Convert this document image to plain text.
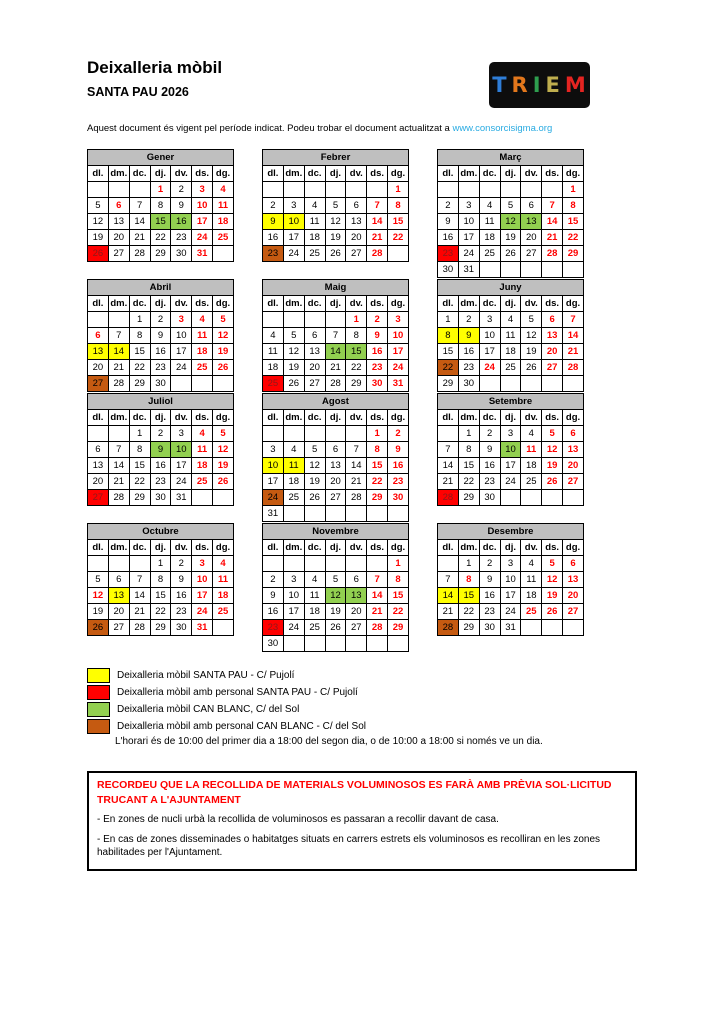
T R I E M
Deixalleria mòbil
SANTA PAU 2026
Aquest document és vigent pel període indicat. Podeu trobar el document actualitzat a www.consorcisigma.org
Gener						
dl.	dm.	dc.	dj.	dv.	ds.	dg.
			1	2	3	4
5	6	7	8	9	10	11
12	13	14	15	16	17	18
19	20	21	22	23	24	25
26	27	28	29	30	31	
Febrer						
dl.	dm.	dc.	dj.	dv.	ds.	dg.
						1
2	3	4	5	6	7	8
9	10	11	12	13	14	15
16	17	18	19	20	21	22
23	24	25	26	27	28	
Març						
dl.	dm.	dc.	dj.	dv.	ds.	dg.
						1
2	3	4	5	6	7	8
9	10	11	12	13	14	15
16	17	18	19	20	21	22
23	24	25	26	27	28	29
30	31					
Abril						
dl.	dm.	dc.	dj.	dv.	ds.	dg.
		1	2	3	4	5
6	7	8	9	10	11	12
13	14	15	16	17	18	19
20	21	22	23	24	25	26
27	28	29	30			
Maig						
dl.	dm.	dc.	dj.	dv.	ds.	dg.
				1	2	3
4	5	6	7	8	9	10
11	12	13	14	15	16	17
18	19	20	21	22	23	24
25	26	27	28	29	30	31
Juny						
dl.	dm.	dc.	dj.	dv.	ds.	dg.
1	2	3	4	5	6	7
8	9	10	11	12	13	14
15	16	17	18	19	20	21
22	23	24	25	26	27	28
29	30					
Juliol						
dl.	dm.	dc.	dj.	dv.	ds.	dg.
		1	2	3	4	5
6	7	8	9	10	11	12
13	14	15	16	17	18	19
20	21	22	23	24	25	26
27	28	29	30	31		
Agost						
dl.	dm.	dc.	dj.	dv.	ds.	dg.
					1	2
3	4	5	6	7	8	9
10	11	12	13	14	15	16
17	18	19	20	21	22	23
24	25	26	27	28	29	30
31						
Setembre						
dl.	dm.	dc.	dj.	dv.	ds.	dg.
	1	2	3	4	5	6
7	8	9	10	11	12	13
14	15	16	17	18	19	20
21	22	23	24	25	26	27
28	29	30				
Octubre						
dl.	dm.	dc.	dj.	dv.	ds.	dg.
			1	2	3	4
5	6	7	8	9	10	11
12	13	14	15	16	17	18
19	20	21	22	23	24	25
26	27	28	29	30	31	
Novembre						
dl.	dm.	dc.	dj.	dv.	ds.	dg.
						1
2	3	4	5	6	7	8
9	10	11	12	13	14	15
16	17	18	19	20	21	22
23	24	25	26	27	28	29
30						
Desembre						
dl.	dm.	dc.	dj.	dv.	ds.	dg.
	1	2	3	4	5	6
7	8	9	10	11	12	13
14	15	16	17	18	19	20
21	22	23	24	25	26	27
28	29	30	31			
Deixalleria mòbil SANTA PAU - C/ Pujolí
Deixalleria mòbil amb personal SANTA PAU - C/ Pujolí
Deixalleria mòbil CAN BLANC, C/ del Sol
Deixalleria mòbil amb personal CAN BLANC - C/ del Sol
L'horari és de 10:00 del primer dia a 18:00 del segon dia, o de 10:00 a 18:00 si només ve un dia.
RECORDEU QUE LA RECOLLIDA DE MATERIALS VOLUMINOSOS ES FARÀ AMB PRÈVIA SOL·LICITUD TRUCANT A L'AJUNTAMENT

- En zones de nucli urbà la recollida de voluminosos es passaran a recollir davant de casa.

- En cas de zones disseminades o habitatges situats en carrers estrets els voluminosos es recolliran en les zones habilitades per l'Ajuntament.
